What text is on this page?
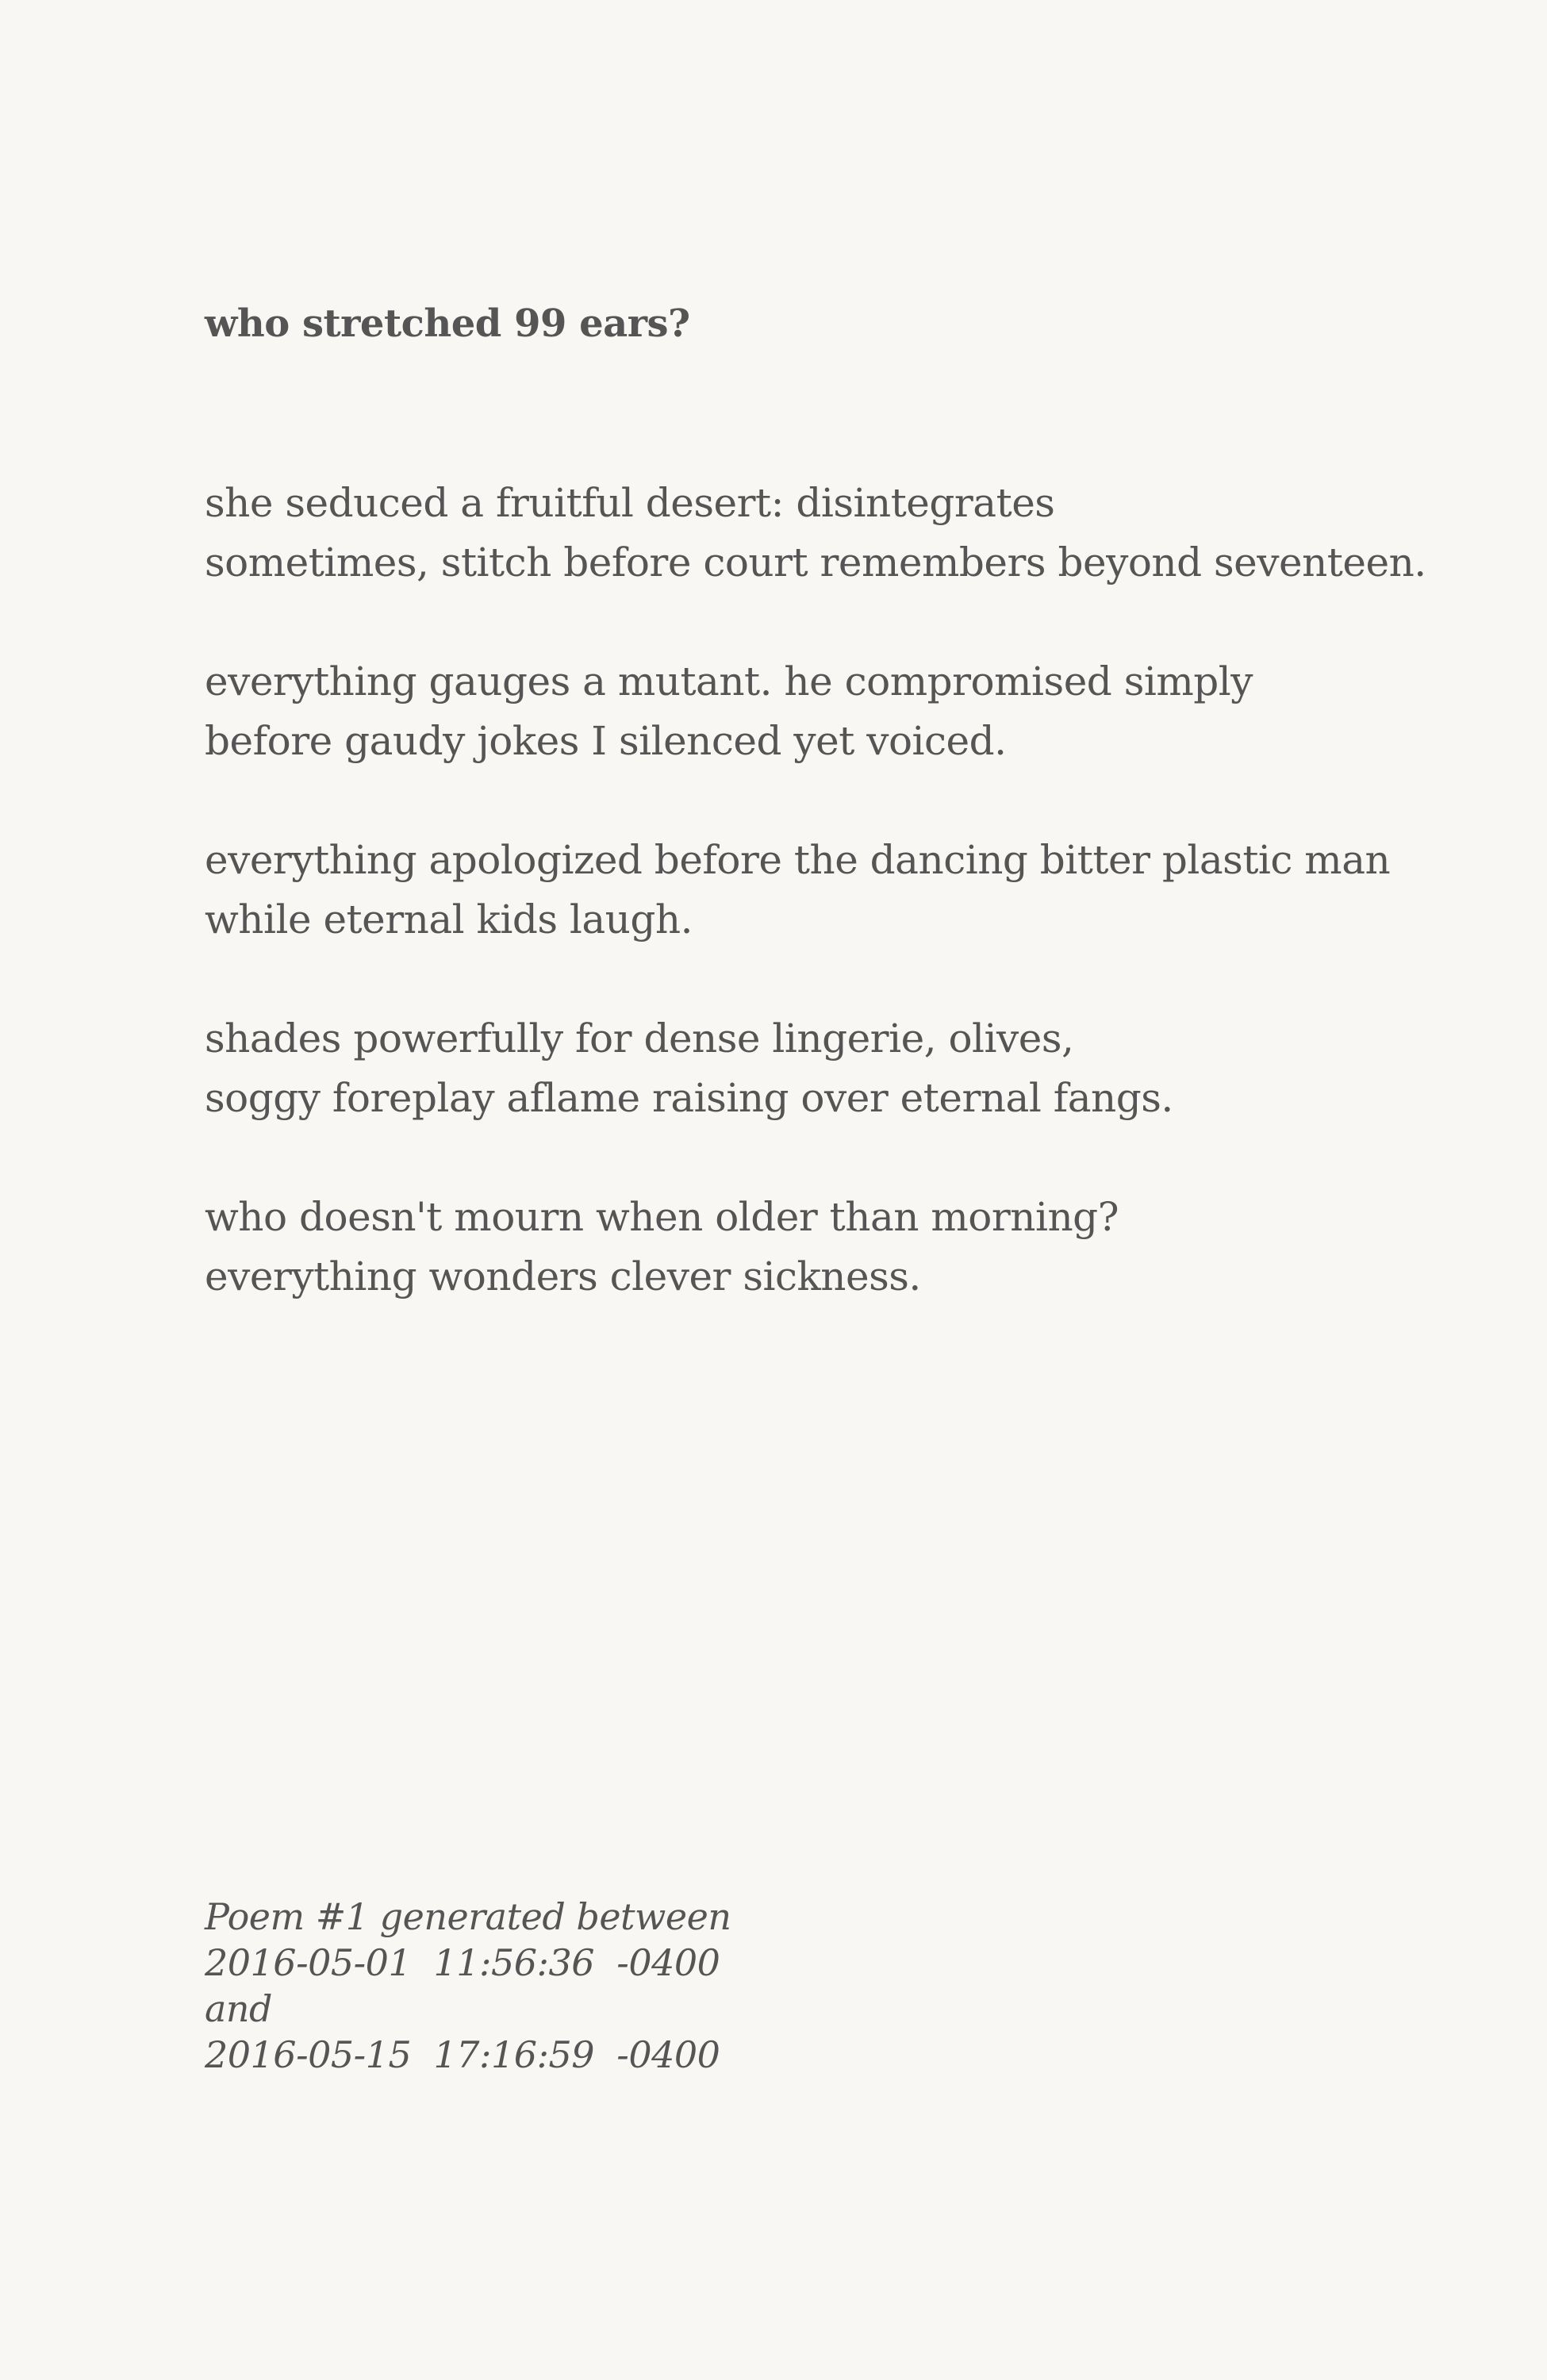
who stretched 99 ears?

she seduced a fruitful desert: disintegrates
sometimes, stitch before court remembers beyond seventeen.

everything gauges a mutant. he compromised simply
before gaudy jokes I silenced yet voiced.

everything apologized before the dancing bitter plastic man
while eternal kids laugh.

shades powerfully for dense lingerie, olives,
soggy foreplay aflame raising over eternal fangs.

who doesn't mourn when older than morning?
everything wonders clever sickness.

Poem #1 generated between
2016-05-01  11:56:36  -0400
and
2016-05-15  17:16:59  -0400
